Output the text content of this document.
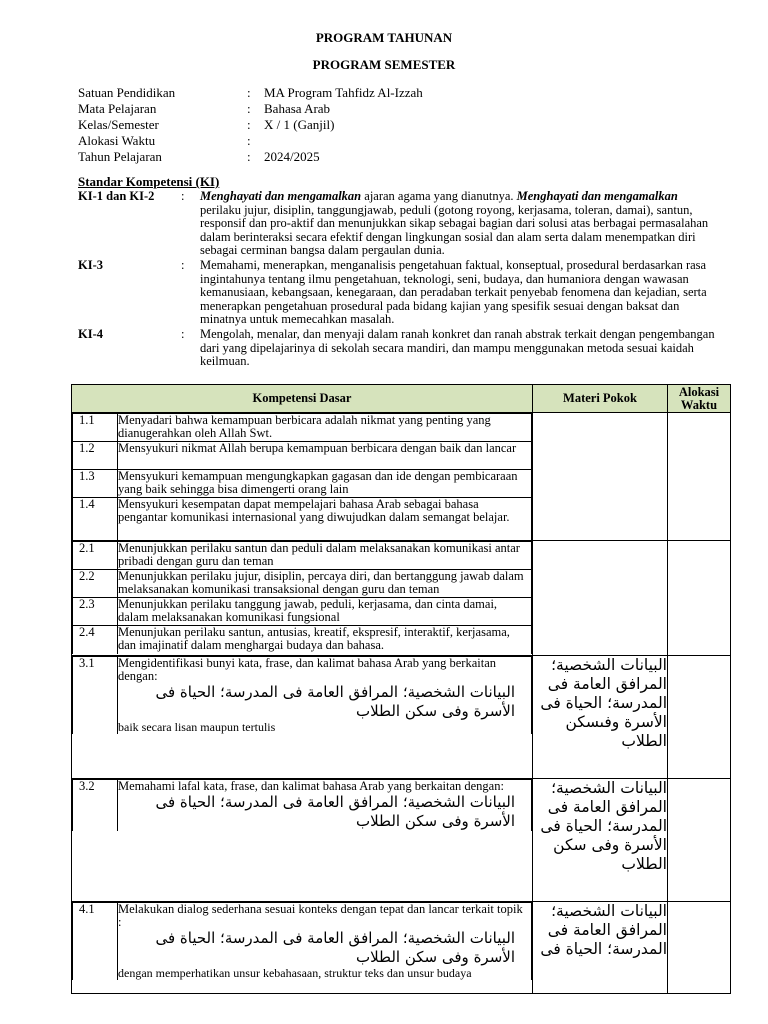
PROGRAM TAHUNAN
PROGRAM SEMESTER
Satuan Pendidikan	: MA Program Tahfidz Al-Izzah
Mata Pelajaran	: Bahasa Arab
Kelas/Semester	: X / 1 (Ganjil)
Alokasi Waktu	:
Tahun Pelajaran	: 2024/2025
Standar Kompetensi (KI)
KI-1 dan KI-2 : Menghayati dan mengamalkan ajaran agama yang dianutnya. Menghayati dan mengamalkan perilaku jujur, disiplin, tanggungjawab, peduli (gotong royong, kerjasama, toleran, damai), santun, responsif dan pro-aktif dan menunjukkan sikap sebagai bagian dari solusi atas berbagai permasalahan dalam berinteraksi secara efektif dengan lingkungan sosial dan alam serta dalam menempatkan diri sebagai cerminan bangsa dalam pergaulan dunia.
KI-3	: Memahami, menerapkan, menganalisis pengetahuan faktual, konseptual, prosedural berdasarkan rasa ingintahunya tentang ilmu pengetahuan, teknologi, seni, budaya, dan humaniora dengan wawasan kemanusiaan, kebangsaan, kenegaraan, dan peradaban terkait penyebab fenomena dan kejadian, serta menerapkan pengetahuan prosedural pada bidang kajian yang spesifik sesuai dengan baksat dan minatnya untuk memecahkan masalah.
KI-4	: Mengolah, menalar, dan menyaji dalam ranah konkret dan ranah abstrak terkait dengan pengembangan dari yang dipelajarinya di sekolah secara mandiri, dan mampu menggunakan metoda sesuai kaidah keilmuan.
Kompetensi Dasar	Materi Pokok	Alokasi Waktu

1.1	Menyadari bahwa kemampuan berbicara adalah nikmat yang penting yang dianugerahkan oleh Allah Swt.
1.2	Mensyukuri nikmat Allah berupa kemampuan berbicara dengan baik dan lancar
1.3	Mensyukuri kemampuan mengungkapkan gagasan dan ide dengan pembicaraan yang baik sehingga bisa dimengerti orang lain
1.4	Mensyukuri kesempatan dapat mempelajari bahasa Arab sebagai bahasa pengantar komunikasi internasional yang diwujudkan dalam semangat belajar.

2.1	Menunjukkan perilaku santun dan peduli dalam melaksanakan komunikasi antar pribadi dengan guru dan teman
2.2	Menunjukkan perilaku jujur, disiplin, percaya diri, dan bertanggung jawab dalam melaksanakan komunikasi transaksional dengan guru dan teman
2.3	Menunjukkan perilaku tanggung jawab, peduli, kerjasama, dan cinta damai, dalam melaksanakan komunikasi fungsional
2.4	Menunjukan perilaku santun, antusias, kreatif, ekspresif, interaktif, kerjasama, dan imajinatif dalam menghargai budaya dan bahasa.

3.1	Mengidentifikasi bunyi kata, frase, dan kalimat bahasa Arab yang berkaitan dengan:
البيانات الشخصية؛ المرافق العامة فى المدرسة؛ الحياة فى الأسرة وفى سكن الطلاب
baik secara lisan maupun tertulis
	البيانات الشخصية؛ المرافق العامة فى المدرسة؛ الحياة فى الأسرة وفىسكن الطلاب	

3.2	Memahami lafal kata, frase, dan kalimat bahasa Arab yang berkaitan dengan:
البيانات الشخصية؛ المرافق العامة فى المدرسة؛ الحياة فى الأسرة وفى سكن الطلاب
	البيانات الشخصية؛ المرافق العامة فى المدرسة؛ الحياة فى الأسرة وفى سكن الطلاب	

4.1	Melakukan dialog sederhana sesuai konteks dengan tepat dan lancar terkait topik :
البيانات الشخصية؛ المرافق العامة فى المدرسة؛ الحياة فى الأسرة وفى سكن الطلاب
dengan memperhatikan unsur kebahasaan, struktur teks dan unsur budaya
	البيانات الشخصية؛ المرافق العامة فى المدرسة؛ الحياة فى	
